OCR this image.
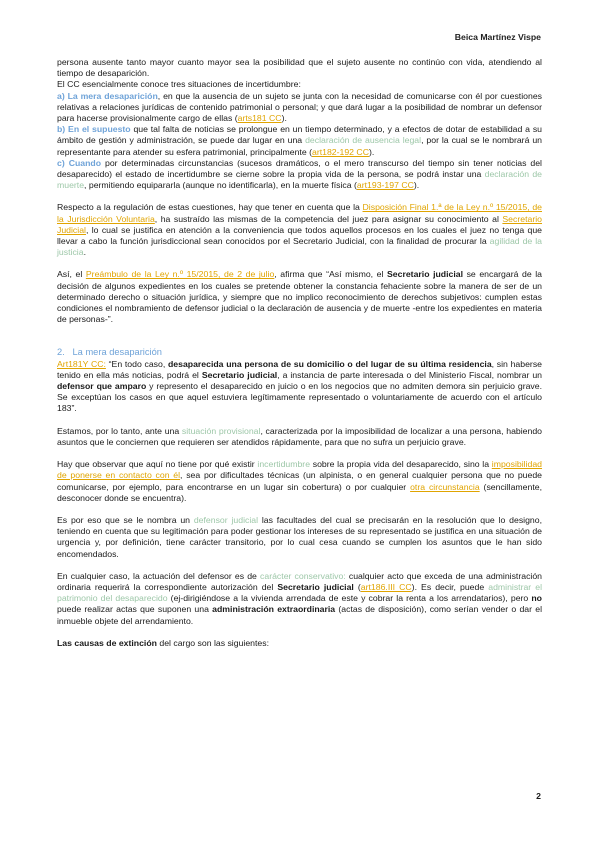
Beica Martínez Vispe

persona ausente tanto mayor cuanto mayor sea la posibilidad que el sujeto ausente no continúo con vida, atendiendo al tiempo de desaparición.
El CC esencialmente conoce tres situaciones de incertidumbre:
a) La mera desaparición, en que la ausencia de un sujeto se junta con la necesidad de comunicarse con él por cuestiones relativas a relaciones jurídicas de contenido patrimonial o personal; y que dará lugar a la posibilidad de nombrar un defensor para hacerse provisionalmente cargo de ellas (arts181 CC).
b) En el supuesto que tal falta de noticias se prolongue en un tiempo determinado, y a efectos de dotar de estabilidad a su ámbito de gestión y administración, se puede dar lugar en una declaración de ausencia legal, por la cual se le nombrará un representante para atender su esfera patrimonial, principalmente (art182-192 CC).
c) Cuando por determinadas circunstancias (sucesos dramáticos, o el mero transcurso del tiempo sin tener noticias del desaparecido) el estado de incertidumbre se cierne sobre la propia vida de la persona, se podrá instar una declaración de muerte, permitiendo equipararla (aunque no identificarla), en la muerte física (art193-197 CC).

Respecto a la regulación de estas cuestiones, hay que tener en cuenta que la Disposición Final 1.ª de la Ley n.º 15/2015, de la Jurisdicción Voluntaria, ha sustraído las mismas de la competencia del juez para asignar su conocimiento al Secretario Judicial, lo cual se justifica en atención a la conveniencia que todos aquellos procesos en los cuales el juez no tenga que llevar a cabo la función jurisdiccional sean conocidos por el Secretario Judicial, con la finalidad de procurar la agilidad de la justicia.

Así, el Preámbulo de la Ley n.º 15/2015, de 2 de julio, afirma que “Así mismo, el Secretario judicial se encargará de la decisión de algunos expedientes en los cuales se pretende obtener la constancia fehaciente sobre la manera de ser de un determinado derecho o situación jurídica, y siempre que no implico reconocimiento de derechos subjetivos: cumplen estas condiciones el nombramiento de defensor judicial o la declaración de ausencia y de muerte -entre los expedientes en materia de personas-”.

2. La mera desaparición

Art181Y CC: “En todo caso, desaparecida una persona de su domicilio o del lugar de su última residencia, sin haberse tenido en ella más noticias, podrá el Secretario judicial, a instancia de parte interesada o del Ministerio Fiscal, nombrar un defensor que amparo y represento el desaparecido en juicio o en los negocios que no admiten demora sin perjuicio grave. Se exceptúan los casos en que aquel estuviera legítimamente representado o voluntariamente de acuerdo con el artículo 183”.

Estamos, por lo tanto, ante una situación provisional, caracterizada por la imposibilidad de localizar a una persona, habiendo asuntos que le conciernen que requieren ser atendidos rápidamente, para que no sufra un perjuicio grave.

Hay que observar que aquí no tiene por qué existir incertidumbre sobre la propia vida del desaparecido, sino la imposibilidad de ponerse en contacto con él, sea por dificultades técnicas (un alpinista, o en general cualquier persona que no puede comunicarse, por ejemplo, para encontrarse en un lugar sin cobertura) o por cualquier otra circunstancia (sencillamente, desconocer donde se encuentra).

Es por eso que se le nombra un defensor judicial las facultades del cual se precisarán en la resolución que lo designo, teniendo en cuenta que su legitimación para poder gestionar los intereses de su representado se justifica en una situación de urgencia y, por definición, tiene carácter transitorio, por lo cual cesa cuando se cumplen los asuntos que le han sido encomendados.

En cualquier caso, la actuación del defensor es de carácter conservativo: cualquier acto que exceda de una administración ordinaria requerirá la correspondiente autorización del Secretario judicial (art186.III CC). Es decir, puede administrar el patrimonio del desaparecido (ej-dirigiéndose a la vivienda arrendada de este y cobrar la renta a los arrendatarios), pero no puede realizar actas que suponen una administración extraordinaria (actas de disposición), como serían vender o dar el inmueble objete del arrendamiento.

Las causas de extinción del cargo son las siguientes:

2
